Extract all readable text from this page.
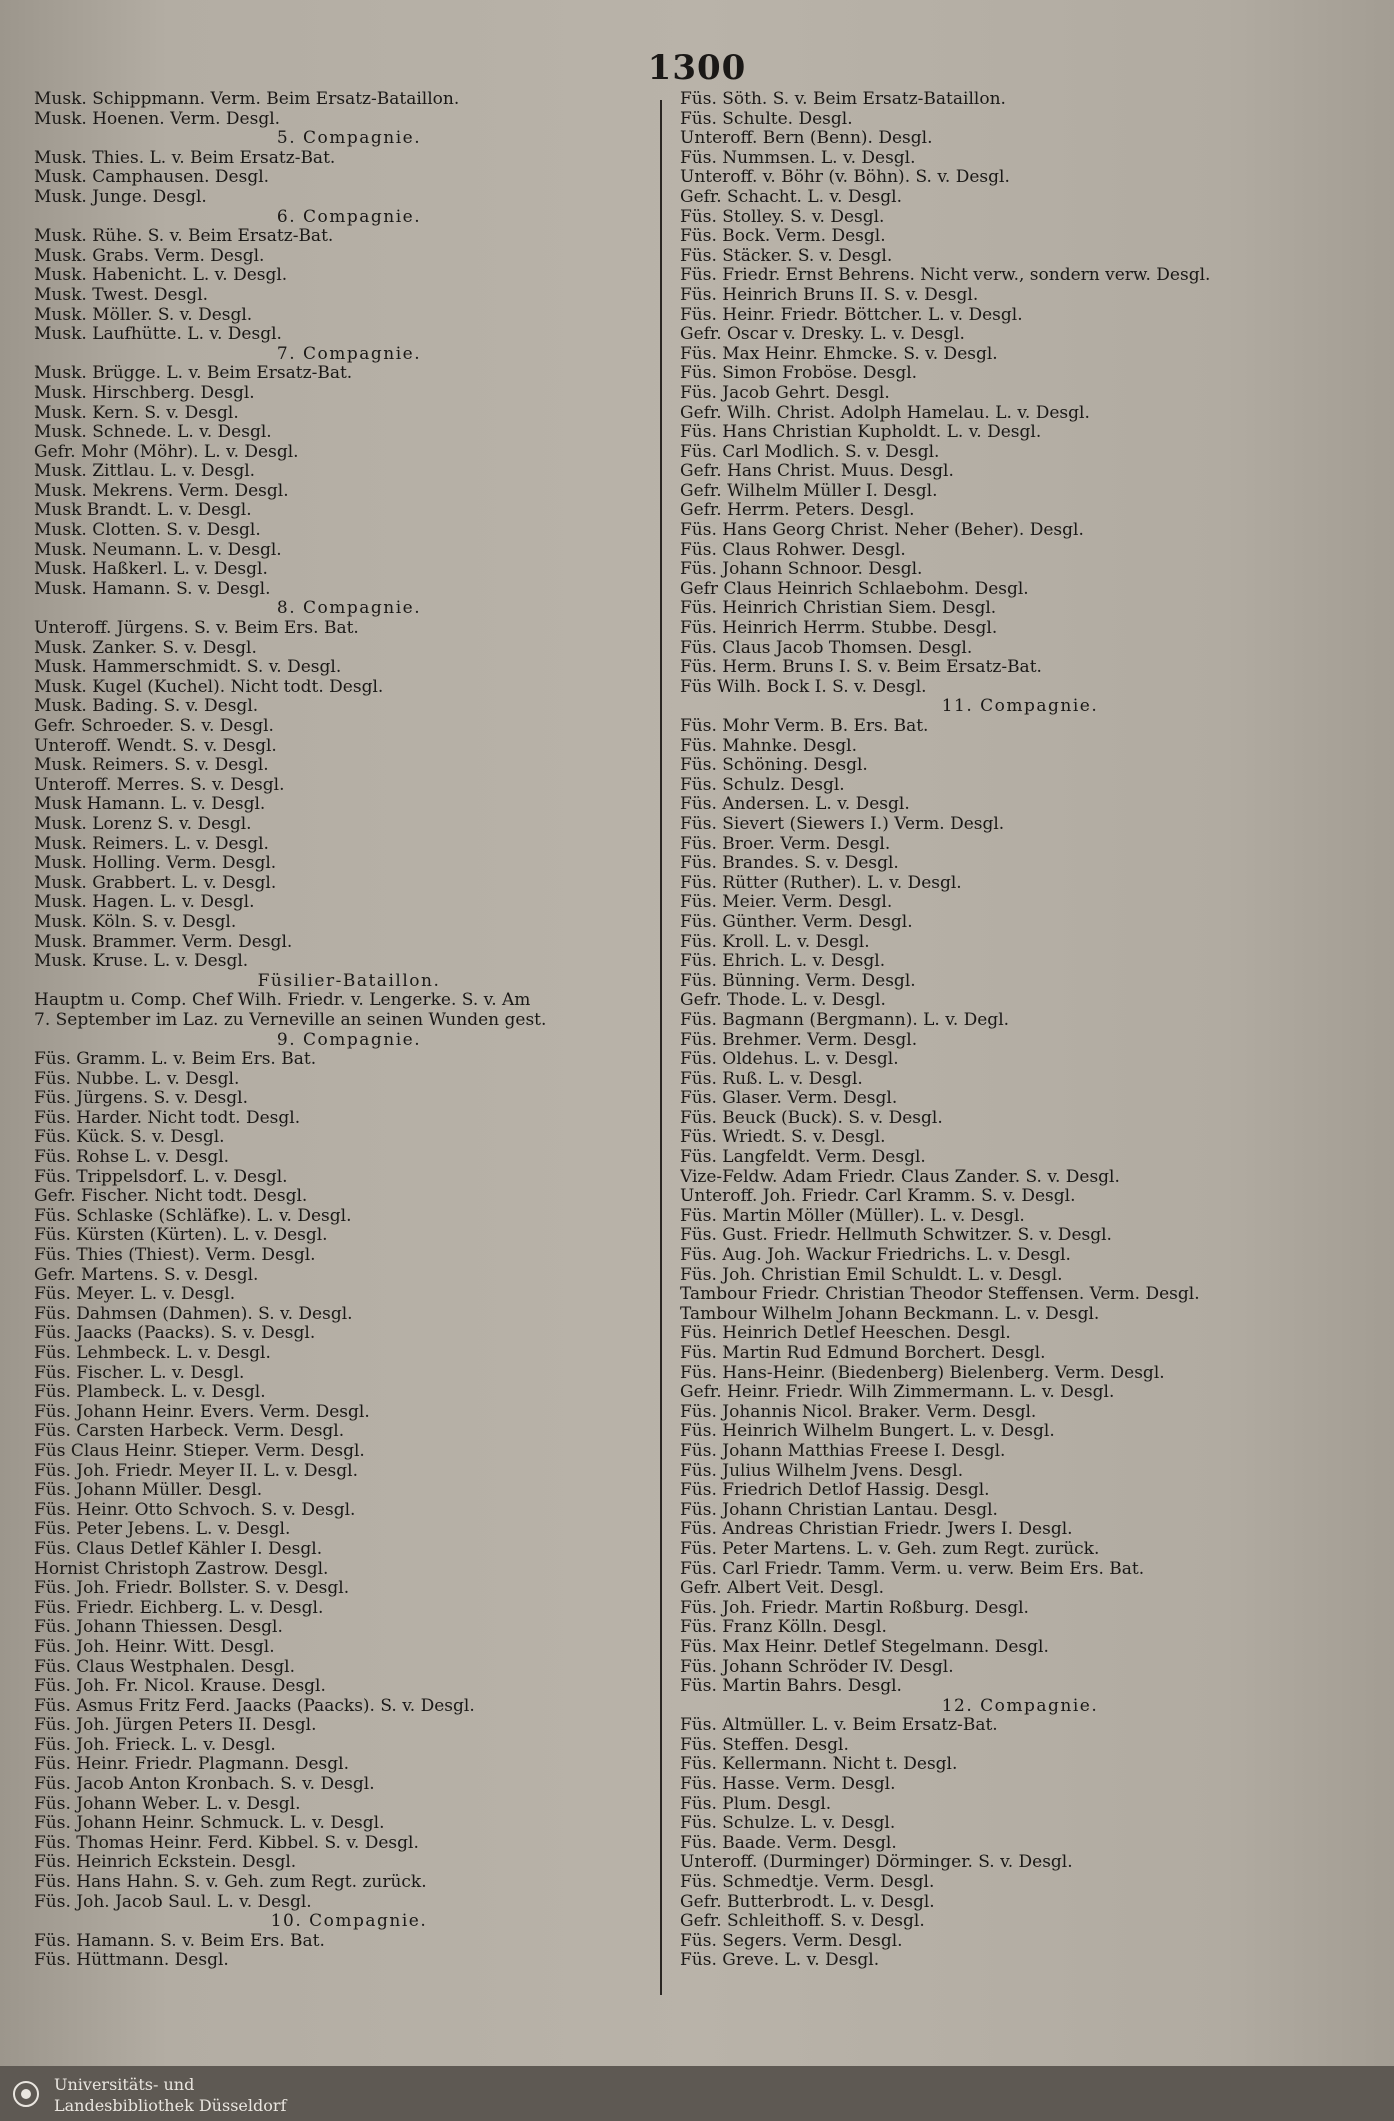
1300
Musk. Schippmann. Verm. Beim Ersatz-Bataillon.
Musk. Hoenen. Verm. Desgl.
5. Compagnie.
Musk. Thies. L. v. Beim Ersatz-Bat.
Musk. Camphausen. Desgl.
Musk. Junge. Desgl.
6. Compagnie.
Musk. Rühe. S. v. Beim Ersatz-Bat.
Musk. Grabs. Verm. Desgl.
Musk. Habenicht. L. v. Desgl.
Musk. Twest. Desgl.
Musk. Möller. S. v. Desgl.
Musk. Laufhütte. L. v. Desgl.
7. Compagnie.
Musk. Brügge. L. v. Beim Ersatz-Bat.
Musk. Hirschberg. Desgl.
Musk. Kern. S. v. Desgl.
Musk. Schnede. L. v. Desgl.
Gefr. Mohr (Möhr). L. v. Desgl.
Musk. Zittlau. L. v. Desgl.
Musk. Mekrens. Verm. Desgl.
Musk Brandt. L. v. Desgl.
Musk. Clotten. S. v. Desgl.
Musk. Neumann. L. v. Desgl.
Musk. Haßkerl. L. v. Desgl.
Musk. Hamann. S. v. Desgl.
8. Compagnie.
Unteroff. Jürgens. S. v. Beim Ers. Bat.
Musk. Zanker. S. v. Desgl.
Musk. Hammerschmidt. S. v. Desgl.
Musk. Kugel (Kuchel). Nicht todt. Desgl.
Musk. Bading. S. v. Desgl.
Gefr. Schroeder. S. v. Desgl.
Unteroff. Wendt. S. v. Desgl.
Musk. Reimers. S. v. Desgl.
Unteroff. Merres. S. v. Desgl.
Musk Hamann. L. v. Desgl.
Musk. Lorenz S. v. Desgl.
Musk. Reimers. L. v. Desgl.
Musk. Holling. Verm. Desgl.
Musk. Grabbert. L. v. Desgl.
Musk. Hagen. L. v. Desgl.
Musk. Köln. S. v. Desgl.
Musk. Brammer. Verm. Desgl.
Musk. Kruse. L. v. Desgl.
Füsilier-Bataillon.
Hauptm u. Comp. Chef Wilh. Friedr. v. Lengerke. S. v. Am
7. September im Laz. zu Verneville an seinen Wunden gest.
9. Compagnie.
Füs. Gramm. L. v. Beim Ers. Bat.
Füs. Nubbe. L. v. Desgl.
Füs. Jürgens. S. v. Desgl.
Füs. Harder. Nicht todt. Desgl.
Füs. Kück. S. v. Desgl.
Füs. Rohse L. v. Desgl.
Füs. Trippelsdorf. L. v. Desgl.
Gefr. Fischer. Nicht todt. Desgl.
Füs. Schlaske (Schläfke). L. v. Desgl.
Füs. Kürsten (Kürten). L. v. Desgl.
Füs. Thies (Thiest). Verm. Desgl.
Gefr. Martens. S. v. Desgl.
Füs. Meyer. L. v. Desgl.
Füs. Dahmsen (Dahmen). S. v. Desgl.
Füs. Jaacks (Paacks). S. v. Desgl.
Füs. Lehmbeck. L. v. Desgl.
Füs. Fischer. L. v. Desgl.
Füs. Plambeck. L. v. Desgl.
Füs. Johann Heinr. Evers. Verm. Desgl.
Füs. Carsten Harbeck. Verm. Desgl.
Füs Claus Heinr. Stieper. Verm. Desgl.
Füs. Joh. Friedr. Meyer II. L. v. Desgl.
Füs. Johann Müller. Desgl.
Füs. Heinr. Otto Schvoch. S. v. Desgl.
Füs. Peter Jebens. L. v. Desgl.
Füs. Claus Detlef Kähler I. Desgl.
Hornist Christoph Zastrow. Desgl.
Füs. Joh. Friedr. Bollster. S. v. Desgl.
Füs. Friedr. Eichberg. L. v. Desgl.
Füs. Johann Thiessen. Desgl.
Füs. Joh. Heinr. Witt. Desgl.
Füs. Claus Westphalen. Desgl.
Füs. Joh. Fr. Nicol. Krause. Desgl.
Füs. Asmus Fritz Ferd. Jaacks (Paacks). S. v. Desgl.
Füs. Joh. Jürgen Peters II. Desgl.
Füs. Joh. Frieck. L. v. Desgl.
Füs. Heinr. Friedr. Plagmann. Desgl.
Füs. Jacob Anton Kronbach. S. v. Desgl.
Füs. Johann Weber. L. v. Desgl.
Füs. Johann Heinr. Schmuck. L. v. Desgl.
Füs. Thomas Heinr. Ferd. Kibbel. S. v. Desgl.
Füs. Heinrich Eckstein. Desgl.
Füs. Hans Hahn. S. v. Geh. zum Regt. zurück.
Füs. Joh. Jacob Saul. L. v. Desgl.
10. Compagnie.
Füs. Hamann. S. v. Beim Ers. Bat.
Füs. Hüttmann. Desgl.
Füs. Söth. S. v. Beim Ersatz-Bataillon.
Füs. Schulte. Desgl.
Unteroff. Bern (Benn). Desgl.
Füs. Nummsen. L. v. Desgl.
Unteroff. v. Böhr (v. Böhn). S. v. Desgl.
Gefr. Schacht. L. v. Desgl.
Füs. Stolley. S. v. Desgl.
Füs. Bock. Verm. Desgl.
Füs. Stäcker. S. v. Desgl.
Füs. Friedr. Ernst Behrens. Nicht verw., sondern verw. Desgl.
Füs. Heinrich Bruns II. S. v. Desgl.
Füs. Heinr. Friedr. Böttcher. L. v. Desgl.
Gefr. Oscar v. Dresky. L. v. Desgl.
Füs. Max Heinr. Ehmcke. S. v. Desgl.
Füs. Simon Froböse. Desgl.
Füs. Jacob Gehrt. Desgl.
Gefr. Wilh. Christ. Adolph Hamelau. L. v. Desgl.
Füs. Hans Christian Kupholdt. L. v. Desgl.
Füs. Carl Modlich. S. v. Desgl.
Gefr. Hans Christ. Muus. Desgl.
Gefr. Wilhelm Müller I. Desgl.
Gefr. Herrm. Peters. Desgl.
Füs. Hans Georg Christ. Neher (Beher). Desgl.
Füs. Claus Rohwer. Desgl.
Füs. Johann Schnoor. Desgl.
Gefr Claus Heinrich Schlaebohm. Desgl.
Füs. Heinrich Christian Siem. Desgl.
Füs. Heinrich Herrm. Stubbe. Desgl.
Füs. Claus Jacob Thomsen. Desgl.
Füs. Herm. Bruns I. S. v. Beim Ersatz-Bat.
Füs Wilh. Bock I. S. v. Desgl.
11. Compagnie.
Füs. Mohr Verm. B. Ers. Bat.
Füs. Mahnke. Desgl.
Füs. Schöning. Desgl.
Füs. Schulz. Desgl.
Füs. Andersen. L. v. Desgl.
Füs. Sievert (Siewers I.) Verm. Desgl.
Füs. Broer. Verm. Desgl.
Füs. Brandes. S. v. Desgl.
Füs. Rütter (Ruther). L. v. Desgl.
Füs. Meier. Verm. Desgl.
Füs. Günther. Verm. Desgl.
Füs. Kroll. L. v. Desgl.
Füs. Ehrich. L. v. Desgl.
Füs. Bünning. Verm. Desgl.
Gefr. Thode. L. v. Desgl.
Füs. Bagmann (Bergmann). L. v. Degl.
Füs. Brehmer. Verm. Desgl.
Füs. Oldehus. L. v. Desgl.
Füs. Ruß. L. v. Desgl.
Füs. Glaser. Verm. Desgl.
Füs. Beuck (Buck). S. v. Desgl.
Füs. Wriedt. S. v. Desgl.
Füs. Langfeldt. Verm. Desgl.
Vize-Feldw. Adam Friedr. Claus Zander. S. v. Desgl.
Unteroff. Joh. Friedr. Carl Kramm. S. v. Desgl.
Füs. Martin Möller (Müller). L. v. Desgl.
Füs. Gust. Friedr. Hellmuth Schwitzer. S. v. Desgl.
Füs. Aug. Joh. Wackur Friedrichs. L. v. Desgl.
Füs. Joh. Christian Emil Schuldt. L. v. Desgl.
Tambour Friedr. Christian Theodor Steffensen. Verm. Desgl.
Tambour Wilhelm Johann Beckmann. L. v. Desgl.
Füs. Heinrich Detlef Heeschen. Desgl.
Füs. Martin Rud Edmund Borchert. Desgl.
Füs. Hans-Heinr. (Biedenberg) Bielenberg. Verm. Desgl.
Gefr. Heinr. Friedr. Wilh Zimmermann. L. v. Desgl.
Füs. Johannis Nicol. Braker. Verm. Desgl.
Füs. Heinrich Wilhelm Bungert. L. v. Desgl.
Füs. Johann Matthias Freese I. Desgl.
Füs. Julius Wilhelm Jvens. Desgl.
Füs. Friedrich Detlof Hassig. Desgl.
Füs. Johann Christian Lantau. Desgl.
Füs. Andreas Christian Friedr. Jwers I. Desgl.
Füs. Peter Martens. L. v. Geh. zum Regt. zurück.
Füs. Carl Friedr. Tamm. Verm. u. verw. Beim Ers. Bat.
Gefr. Albert Veit. Desgl.
Füs. Joh. Friedr. Martin Roßburg. Desgl.
Füs. Franz Kölln. Desgl.
Füs. Max Heinr. Detlef Stegelmann. Desgl.
Füs. Johann Schröder IV. Desgl.
Füs. Martin Bahrs. Desgl.
12. Compagnie.
Füs. Altmüller. L. v. Beim Ersatz-Bat.
Füs. Steffen. Desgl.
Füs. Kellermann. Nicht t. Desgl.
Füs. Hasse. Verm. Desgl.
Füs. Plum. Desgl.
Füs. Schulze. L. v. Desgl.
Füs. Baade. Verm. Desgl.
Unteroff. (Durminger) Dörminger. S. v. Desgl.
Füs. Schmedtje. Verm. Desgl.
Gefr. Butterbrodt. L. v. Desgl.
Gefr. Schleithoff. S. v. Desgl.
Füs. Segers. Verm. Desgl.
Füs. Greve. L. v. Desgl.
Universitäts- und
Landesbibliothek Düsseldorf
